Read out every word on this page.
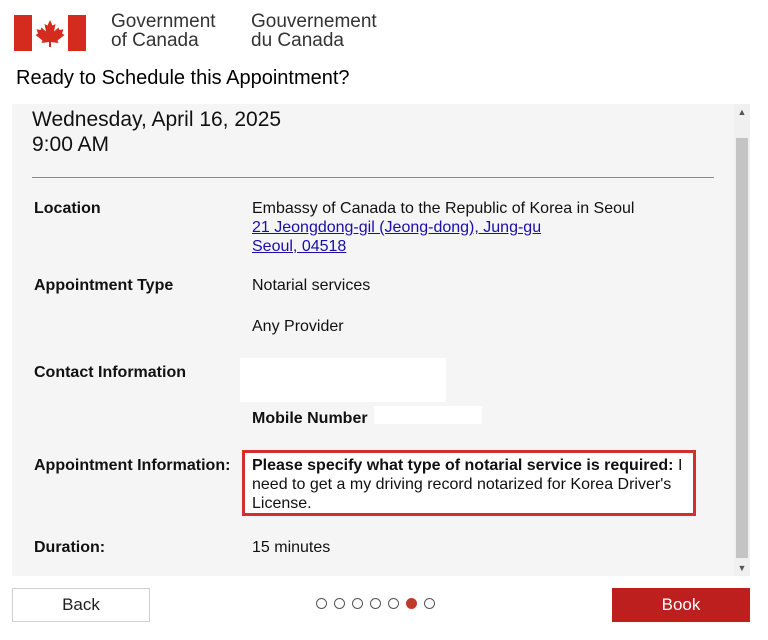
Government
of Canada
Gouvernement
du Canada
Ready to Schedule this Appointment?
Wednesday, April 16, 2025
9:00 AM
Location	Embassy of Canada to the Republic of Korea in Seoul
21 Jeongdong-gil (Jeong-dong), Jung-gu
Seoul, 04518
Appointment Type	Notarial services
Any Provider
Contact Information
Mobile Number
Appointment Information: Please specify what type of notarial service is required: I need to get a my driving record notarized for Korea Driver's License.
Duration:	15 minutes
▲
▼
Back	Book
